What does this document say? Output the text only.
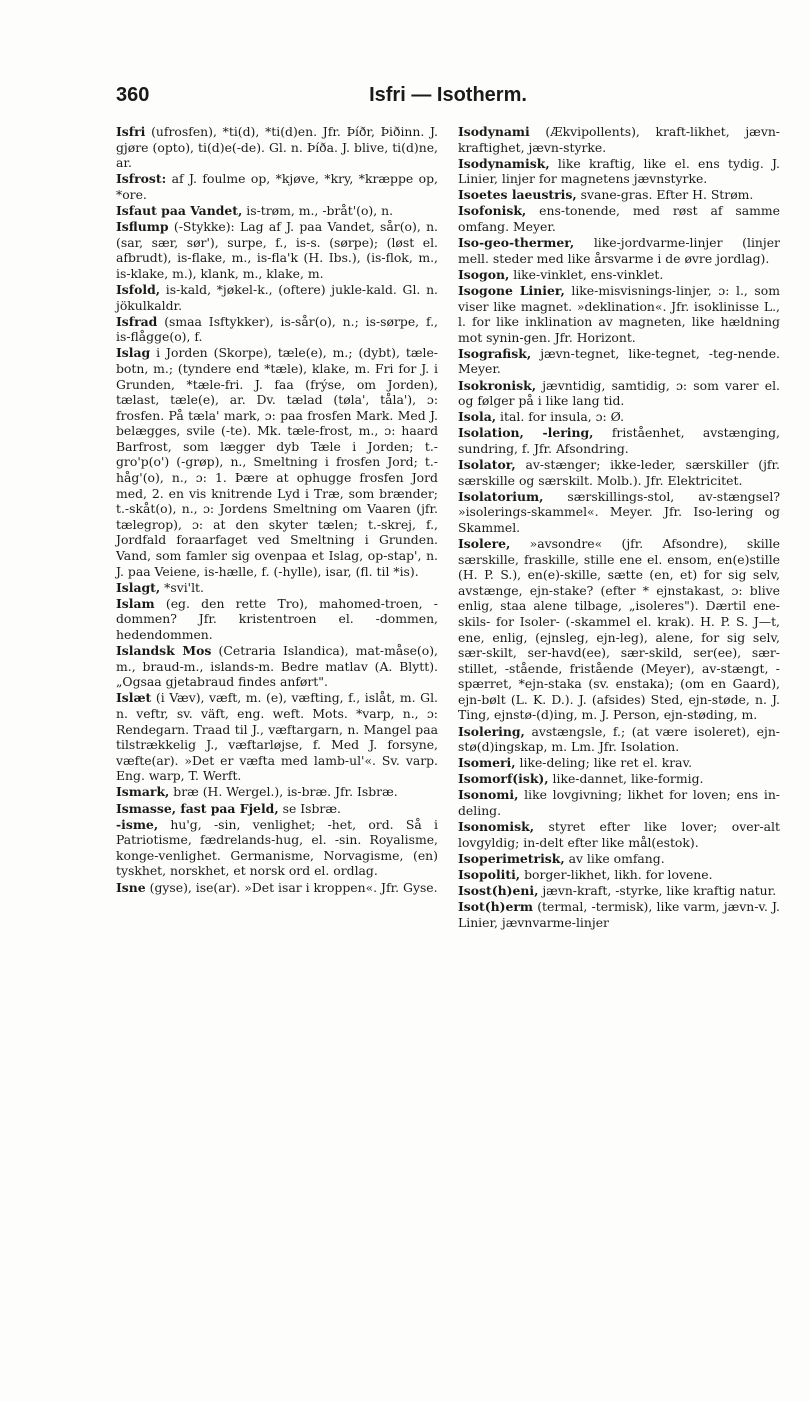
360	Isfri — Isotherm.

Isfri (ufrosfen), *ti(d), *ti(d)en. Jfr. Þíðr, Þiðinn. J. gjøre (opto), ti(d)e(-de). Gl. n. Þíða. J. blive, ti(d)ne, ar.

Isfrost: af J. foulme op, *kjøve, *kry, *kræppe op, *ore.

Isfaut paa Vandet, is-trøm, m., -bråt'(o), n.

Isflump (-Stykke): Lag af J. paa Vandet, sår(o), n. (sar, sær, sør'), surpe, f., is-s. (sørpe); (løst el. afbrudt), is-flake, m., is-fla'k (H. Ibs.), (is-flok, m., is-klake, m.), klank, m., klake, m.

Isfold, is-kald, *jøkel-k., (oftere) jukle-kald. Gl. n. jökulkaldr.

Isfrad (smaa Isftykker), is-sår(o), n.; is-sørpe, f., is-flågge(o), f.

Islag i Jorden (Skorpe), tæle(e), m.; (dybt), tæle-botn, m.; (tyndere end *tæle), klake, m. Fri for J. i Grunden, *tæle-fri. J. faa (frýse, om Jorden), tælast, tæle(e), ar. Dv. tælad (tøla', tåla'), ɔ: frosfen. På tæla' mark, ɔ: paa frosfen Mark. Med J. belægges, svile (-te). Mk. tæle-frost, m., ɔ: haard Barfrost, som lægger dyb Tæle i Jorden; t.-gro'p(o') (-grøp), n., Smeltning i frosfen Jord; t.-håg'(o), n., ɔ: 1. Þære at ophugge frosfen Jord med, 2. en vis knitrende Lyd i Træ, som brænder; t.-skåt(o), n., ɔ: Jordens Smeltning om Vaaren (jfr. tælegrop), ɔ: at den skyter tælen; t.-skrej, f., Jordfald foraarfaget ved Smeltning i Grunden. Vand, som famler sig ovenpaa et Islag, op-stap', n. J. paa Veiene, is-hælle, f. (-hylle), isar, (fl. til *is).

Islagt, *svi'lt.

Islam (eg. den rette Tro), mahomed-troen, -dommen? Jfr. kristentroen el. -dommen, hedendommen.

Islandsk Mos (Cetraria Islandica), mat-måse(o), m., braud-m., islands-m. Bedre matlav (A. Blytt). „Ogsaa gjetabraud findes anført".

Islæt (i Væv), væft, m. (e), væfting, f., islåt, m. Gl. n. veftr, sv. väft, eng. weft. Mots. *varp, n., ɔ: Rendegarn. Traad til J., væftargarn, n. Mangel paa tilstrækkelig J., væftarløjse, f. Med J. forsyne, væfte(ar). »Det er væfta med lamb-ul'«. Sv. varp. Eng. warp, T. Werft.

Ismark, bræ (H. Wergel.), is-bræ. Jfr. Isbræ.

Ismasse, fast paa Fjeld, se Isbræ.

-isme, hu'g, -sin, venlighet; -het, ord. Så i Patriotisme, fædrelands-hug, el. -sin. Royalisme, konge-venlighet. Germanisme, Norvagisme, (en) tyskhet, norskhet, et norsk ord el. ordlag.

Isne (gyse), ise(ar). »Det isar i kroppen«. Jfr. Gyse.

Isodynami (Ækvipollents), kraft-likhet, jævn-kraftighet, jævn-styrke.

Isodynamisk, like kraftig, like el. ens tydig. J. Linier, linjer for magnetens jævnstyrke.

Isoetes laeustris, svane-gras. Efter H. Strøm.

Isofonisk, ens-tonende, med røst af samme omfang. Meyer.

Iso-geo-thermer, like-jordvarme-linjer (linjer mell. steder med like årsvarme i de øvre jordlag).

Isogon, like-vinklet, ens-vinklet.

Isogone Linier, like-misvisnings-linjer, ɔ: l., som viser like magnet. »deklination«. Jfr. isoklinisse L., l. for like inklination av magneten, like hældning mot synin-gen. Jfr. Horizont.

Isografisk, jævn-tegnet, like-tegnet, -teg-nende. Meyer.

Isokronisk, jævntidig, samtidig, ɔ: som varer el. og følger på i like lang tid.

Isola, ital. for insula, ɔ: Ø.

Isolation, -lering, friståenhet, avstænging, sundring, f. Jfr. Afsondring.

Isolator, av-stænger; ikke-leder, særskiller (jfr. særskille og særskilt. Molb.). Jfr. Elektricitet.

Isolatorium, særskillings-stol, av-stængsel? »isolerings-skammel«. Meyer. Jfr. Iso-lering og Skammel.

Isolere, »avsondre« (jfr. Afsondre), skille særskille, fraskille, stille ene el. ensom, en(e)stille (H. P. S.), en(e)-skille, sætte (en, et) for sig selv, avstænge, ejn-stake? (efter * ejnstakast, ɔ: blive enlig, staa alene tilbage, „isoleres"). Dærtil ene-skils- for Isoler- (-skammel el. krak). H. P. S. J—t, ene, enlig, (ejnsleg, ejn-leg), alene, for sig selv, sær-skilt, ser-havd(ee), sær-skild, ser(ee), sær-stillet, -stående, fristående (Meyer), av-stængt, -spærret, *ejn-staka (sv. enstaka); (om en Gaard), ejn-bølt (L. K. D.). J. (afsides) Sted, ejn-støde, n. J. Ting, ejnstø-(d)ing, m. J. Person, ejn-støding, m.

Isolering, avstængsle, f.; (at være isoleret), ejn-stø(d)ingskap, m. Lm. Jfr. Isolation.

Isomeri, like-deling; like ret el. krav.

Isomorf(isk), like-dannet, like-formig.

Isonomi, like lovgivning; likhet for loven; ens in-deling.

Isonomisk, styret efter like lover; over-alt lovgyldig; in-delt efter like mål(estok).

Isoperimetrisk, av like omfang.

Isopoliti, borger-likhet, likh. for lovene.

Isost(h)eni, jævn-kraft, -styrke, like kraftig natur.

Isot(h)erm (termal, -termisk), like varm, jævn-v. J. Linier, jævnvarme-linjer
